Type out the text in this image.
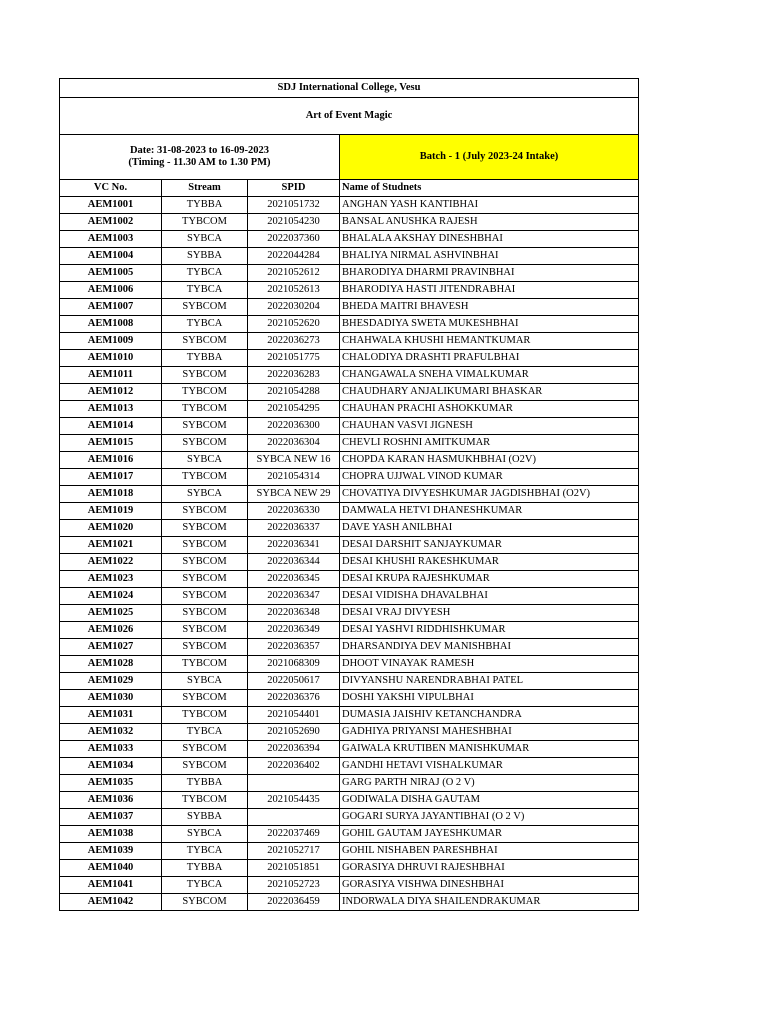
SDJ International College, Vesu			
Art of Event Magic			

Date: 31-08-2023 to 16-09-2023
(Timing - 11.30 AM to 1.30 PM)			Batch - 1 (July 2023-24 Intake)
VC No.	Stream	SPID	Name of Studnets
AEM1001	TYBBA	2021051732	ANGHAN YASH KANTIBHAI
AEM1002	TYBCOM	2021054230	BANSAL ANUSHKA RAJESH
AEM1003	SYBCA	2022037360	BHALALA AKSHAY DINESHBHAI
AEM1004	SYBBA	2022044284	BHALIYA NIRMAL ASHVINBHAI
AEM1005	TYBCA	2021052612	BHARODIYA DHARMI PRAVINBHAI
AEM1006	TYBCA	2021052613	BHARODIYA HASTI JITENDRABHAI
AEM1007	SYBCOM	2022030204	BHEDA MAITRI BHAVESH
AEM1008	TYBCA	2021052620	BHESDADIYA SWETA MUKESHBHAI
AEM1009	SYBCOM	2022036273	CHAHWALA KHUSHI HEMANTKUMAR
AEM1010	TYBBA	2021051775	CHALODIYA DRASHTI PRAFULBHAI
AEM1011	SYBCOM	2022036283	CHANGAWALA SNEHA VIMALKUMAR
AEM1012	TYBCOM	2021054288	CHAUDHARY ANJALIKUMARI BHASKAR
AEM1013	TYBCOM	2021054295	CHAUHAN PRACHI ASHOKKUMAR
AEM1014	SYBCOM	2022036300	CHAUHAN VASVI JIGNESH
AEM1015	SYBCOM	2022036304	CHEVLI ROSHNI AMITKUMAR
AEM1016	SYBCA	SYBCA NEW 16	CHOPDA KARAN HASMUKHBHAI (O2V)
AEM1017	TYBCOM	2021054314	CHOPRA UJJWAL VINOD KUMAR
AEM1018	SYBCA	SYBCA NEW 29	CHOVATIYA DIVYESHKUMAR JAGDISHBHAI (O2V)
AEM1019	SYBCOM	2022036330	DAMWALA HETVI DHANESHKUMAR
AEM1020	SYBCOM	2022036337	DAVE YASH ANILBHAI
AEM1021	SYBCOM	2022036341	DESAI DARSHIT SANJAYKUMAR
AEM1022	SYBCOM	2022036344	DESAI KHUSHI RAKESHKUMAR
AEM1023	SYBCOM	2022036345	DESAI KRUPA RAJESHKUMAR
AEM1024	SYBCOM	2022036347	DESAI VIDISHA DHAVALBHAI
AEM1025	SYBCOM	2022036348	DESAI VRAJ DIVYESH
AEM1026	SYBCOM	2022036349	DESAI YASHVI RIDDHISHKUMAR
AEM1027	SYBCOM	2022036357	DHARSANDIYA DEV MANISHBHAI
AEM1028	TYBCOM	2021068309	DHOOT VINAYAK RAMESH
AEM1029	SYBCA	2022050617	DIVYANSHU NARENDRABHAI PATEL
AEM1030	SYBCOM	2022036376	DOSHI YAKSHI VIPULBHAI
AEM1031	TYBCOM	2021054401	DUMASIA JAISHIV KETANCHANDRA
AEM1032	TYBCA	2021052690	GADHIYA PRIYANSI MAHESHBHAI
AEM1033	SYBCOM	2022036394	GAIWALA KRUTIBEN MANISHKUMAR
AEM1034	SYBCOM	2022036402	GANDHI HETAVI VISHALKUMAR
AEM1035	TYBBA		GARG PARTH NIRAJ (O 2 V)
AEM1036	TYBCOM	2021054435	GODIWALA DISHA GAUTAM
AEM1037	SYBBA		GOGARI SURYA JAYANTIBHAI (O 2 V)
AEM1038	SYBCA	2022037469	GOHIL GAUTAM JAYESHKUMAR
AEM1039	TYBCA	2021052717	GOHIL NISHABEN PARESHBHAI
AEM1040	TYBBA	2021051851	GORASIYA DHRUVI RAJESHBHAI
AEM1041	TYBCA	2021052723	GORASIYA VISHWA DINESHBHAI
AEM1042	SYBCOM	2022036459	INDORWALA DIYA SHAILENDRAKUMAR
